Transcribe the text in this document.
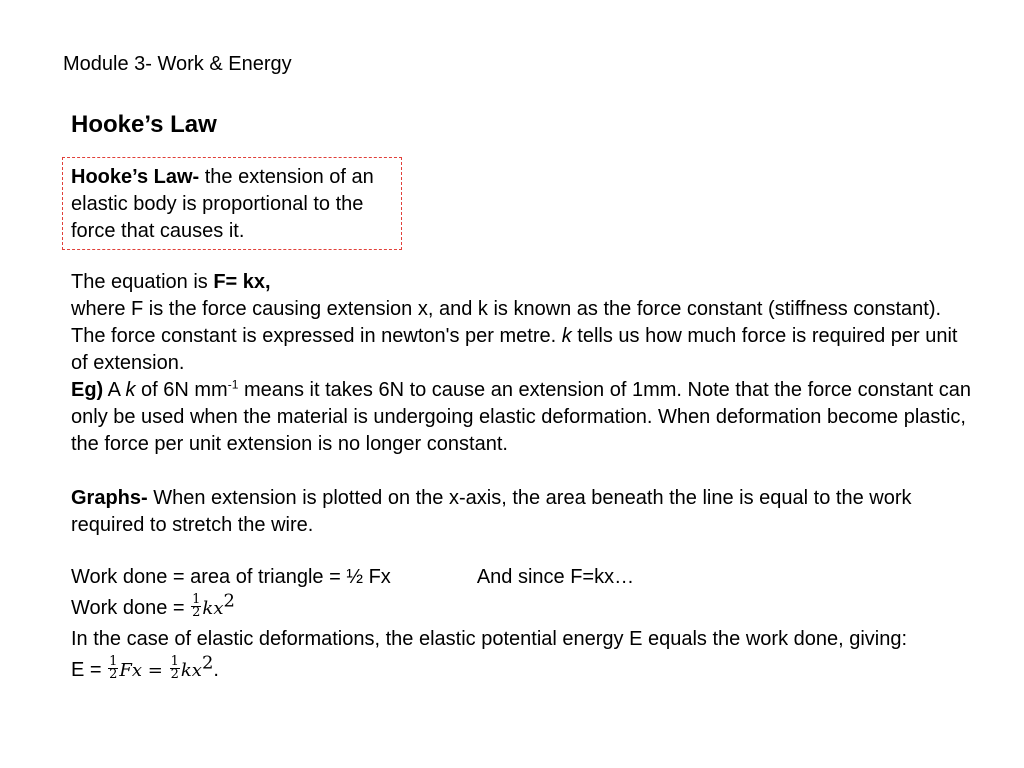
Module 3- Work & Energy
Hooke’s Law
Hooke’s Law- the extension of an elastic body is proportional to the force that causes it.

The equation is F= kx,

where F is the force causing extension x, and k is known as the force constant (stiffness constant). The force constant is expressed in newton's per metre. k tells us how much force is required per unit of extension.

Eg) A k of 6N $mm^{-1}$ means it takes 6N to cause an extension of 1mm. Note that the force constant can only be used when the material is undergoing elastic deformation. When deformation become plastic, the force per unit extension is no longer constant.

Graphs- When extension is plotted on the x-axis, the area beneath the line is equal to the work required to stretch the wire.

Work done = area of triangle = ½ Fx	And since F=kx…

Work done = $\frac{1}{2} kx^2$

In the case of elastic deformations, the elastic potential energy E equals the work done, giving:

$E = \frac{1}{2}$ $Fx = \frac{1}{2} kx^2$.
